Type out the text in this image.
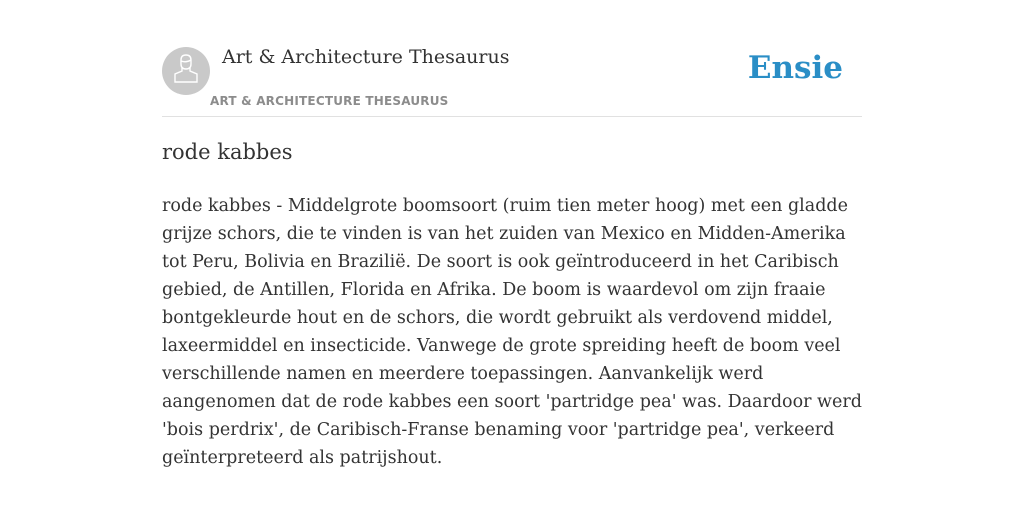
Art & Architecture Thesaurus
ART & ARCHITECTURE THESAURUS
Ensie
rode kabbes

rode kabbes - Middelgrote boomsoort (ruim tien meter hoog) met een gladde grijze schors, die te vinden is van het zuiden van Mexico en Midden-Amerika tot Peru, Bolivia en Brazilië. De soort is ook geïntroduceerd in het Caribisch gebied, de Antillen, Florida en Afrika. De boom is waardevol om zijn fraaie bontgekleurde hout en de schors, die wordt gebruikt als verdovend middel, laxeermiddel en insecticide. Vanwege de grote spreiding heeft de boom veel verschillende namen en meerdere toepassingen. Aanvankelijk werd aangenomen dat de rode kabbes een soort 'partridge pea' was. Daardoor werd 'bois perdrix', de Caribisch-Franse benaming voor 'partridge pea', verkeerd geïnterpreteerd als patrijshout.
